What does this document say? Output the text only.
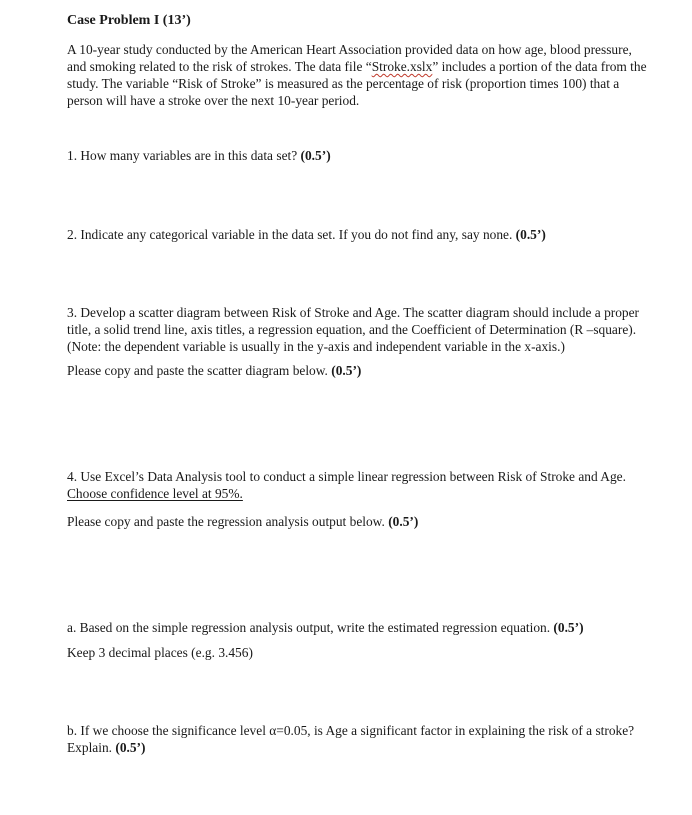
Case Problem I (13’)

A 10-year study conducted by the American Heart Association provided data on how age, blood pressure, and smoking related to the risk of strokes. The data file “Stroke.xslx” includes a portion of the data from the study. The variable “Risk of Stroke” is measured as the percentage of risk (proportion times 100) that a person will have a stroke over the next 10-year period.

1. How many variables are in this data set? (0.5’)

2. Indicate any categorical variable in the data set. If you do not find any, say none. (0.5’)

3. Develop a scatter diagram between Risk of Stroke and Age. The scatter diagram should include a proper title, a solid trend line, axis titles, a regression equation, and the Coefficient of Determination (R –square). (Note: the dependent variable is usually in the y-axis and independent variable in the x-axis.)

Please copy and paste the scatter diagram below. (0.5’)

4. Use Excel’s Data Analysis tool to conduct a simple linear regression between Risk of Stroke and Age. Choose confidence level at 95%.

Please copy and paste the regression analysis output below. (0.5’)

a. Based on the simple regression analysis output, write the estimated regression equation. (0.5’)

Keep 3 decimal places (e.g. 3.456)

b. If we choose the significance level α=0.05, is Age a significant factor in explaining the risk of a stroke? Explain. (0.5’)
